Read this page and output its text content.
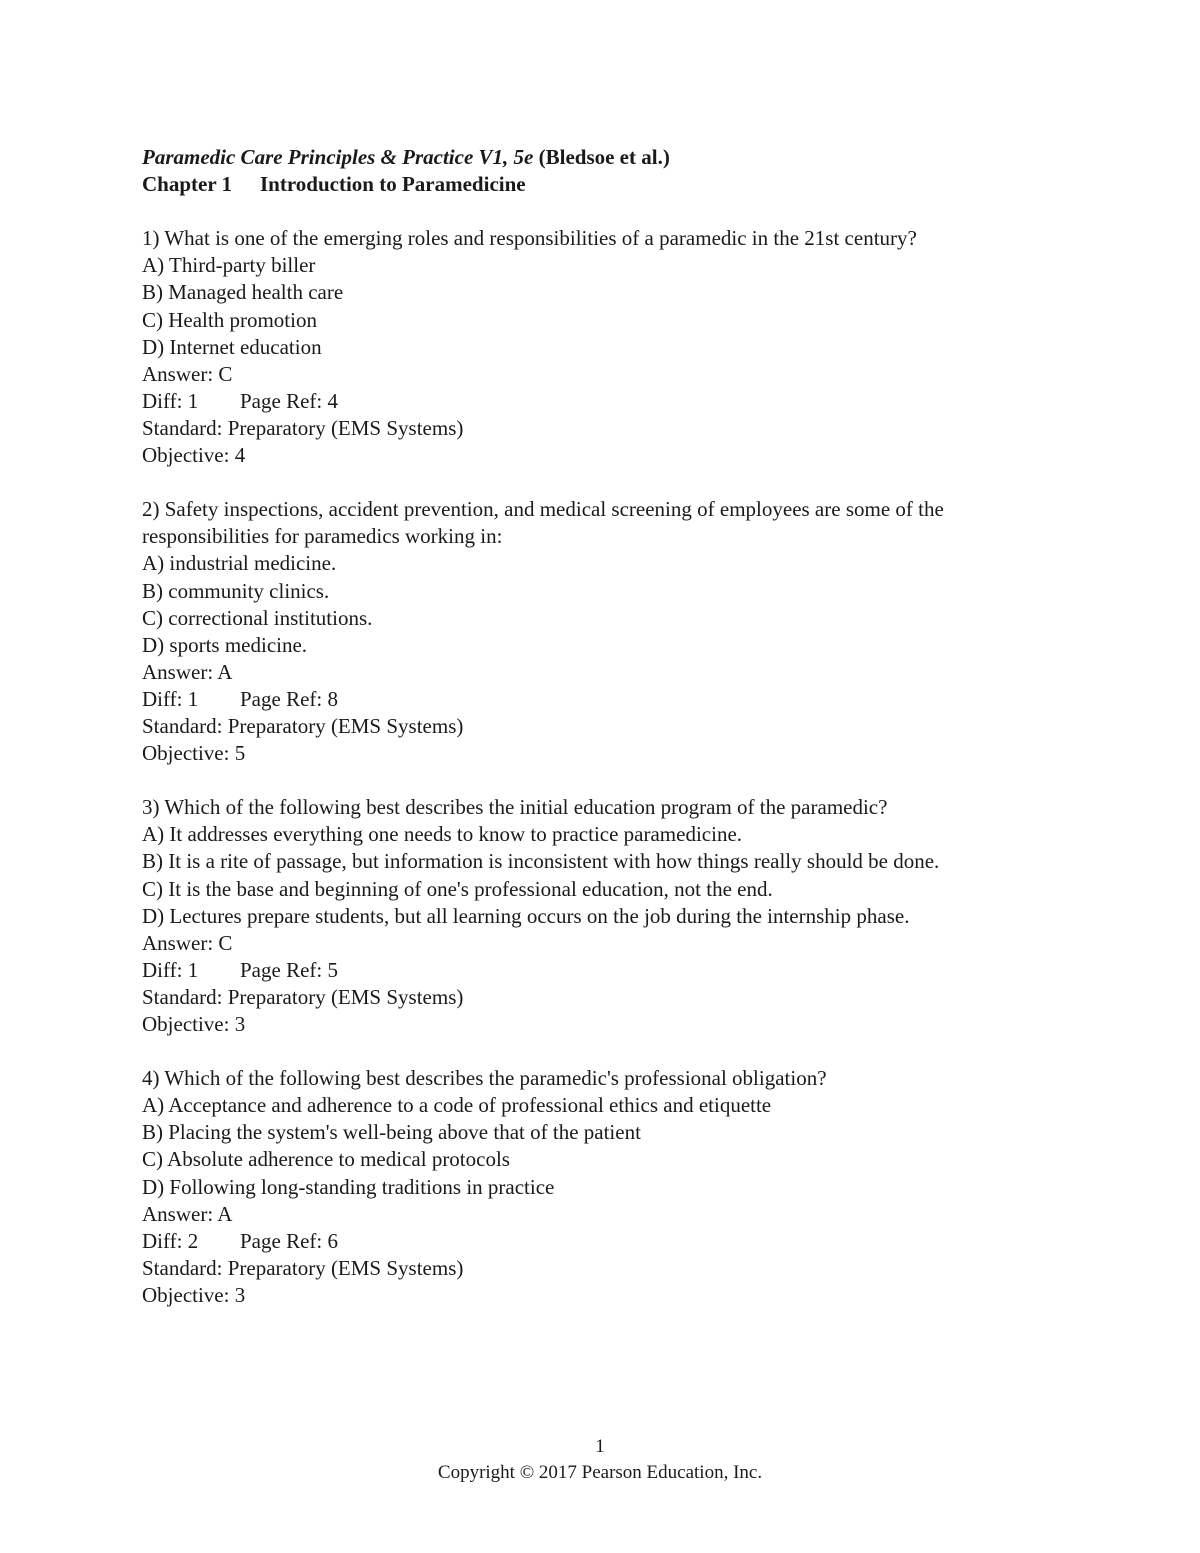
Paramedic Care Principles & Practice V1, 5e (Bledsoe et al.)
Chapter 1 Introduction to Paramedicine
1) What is one of the emerging roles and responsibilities of a paramedic in the 21st century?
A) Third-party biller
B) Managed health care
C) Health promotion
D) Internet education
Answer: C
Diff: 1 Page Ref: 4
Standard: Preparatory (EMS Systems)
Objective: 4
2) Safety inspections, accident prevention, and medical screening of employees are some of the
responsibilities for paramedics working in:
A) industrial medicine.
B) community clinics.
C) correctional institutions.
D) sports medicine.
Answer: A
Diff: 1 Page Ref: 8
Standard: Preparatory (EMS Systems)
Objective: 5
3) Which of the following best describes the initial education program of the paramedic?
A) It addresses everything one needs to know to practice paramedicine.
B) It is a rite of passage, but information is inconsistent with how things really should be done.
C) It is the base and beginning of one's professional education, not the end.
D) Lectures prepare students, but all learning occurs on the job during the internship phase.
Answer: C
Diff: 1 Page Ref: 5
Standard: Preparatory (EMS Systems)
Objective: 3
4) Which of the following best describes the paramedic's professional obligation?
A) Acceptance and adherence to a code of professional ethics and etiquette
B) Placing the system's well-being above that of the patient
C) Absolute adherence to medical protocols
D) Following long-standing traditions in practice
Answer: A
Diff: 2 Page Ref: 6
Standard: Preparatory (EMS Systems)
Objective: 3
1
Copyright © 2017 Pearson Education, Inc.
